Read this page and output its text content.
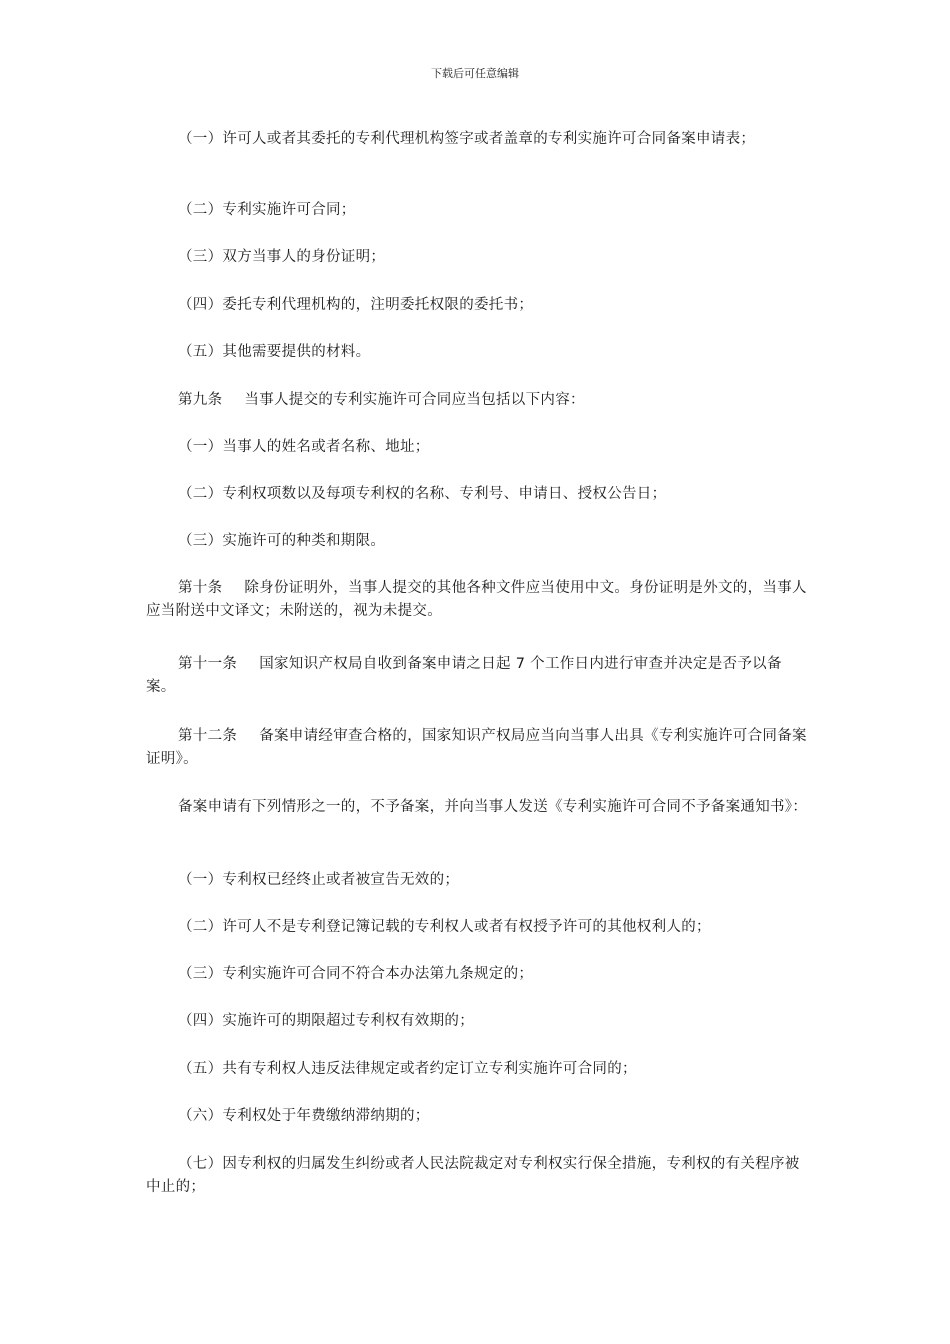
下载后可任意编辑

（一）许可人或者其委托的专利代理机构签字或者盖章的专利实施许可合同备案申请表；

（二）专利实施许可合同；

（三）双方当事人的身份证明；

（四）委托专利代理机构的，注明委托权限的委托书；

（五）其他需要提供的材料。

第九条 当事人提交的专利实施许可合同应当包括以下内容：

（一）当事人的姓名或者名称、地址；

（二）专利权项数以及每项专利权的名称、专利号、申请日、授权公告日；

（三）实施许可的种类和期限。

第十条 除身份证明外，当事人提交的其他各种文件应当使用中文。身份证明是外文的，当事人应当附送中文译文；未附送的，视为未提交。

第十一条 国家知识产权局自收到备案申请之日起 7 个工作日内进行审查并决定是否予以备案。

第十二条 备案申请经审查合格的，国家知识产权局应当向当事人出具《专利实施许可合同备案证明》。

备案申请有下列情形之一的，不予备案，并向当事人发送《专利实施许可合同不予备案通知书》：

（一）专利权已经终止或者被宣告无效的；

（二）许可人不是专利登记簿记载的专利权人或者有权授予许可的其他权利人的；

（三）专利实施许可合同不符合本办法第九条规定的；

（四）实施许可的期限超过专利权有效期的；

（五）共有专利权人违反法律规定或者约定订立专利实施许可合同的；

（六）专利权处于年费缴纳滞纳期的；

（七）因专利权的归属发生纠纷或者人民法院裁定对专利权实行保全措施，专利权的有关程序被中止的；
